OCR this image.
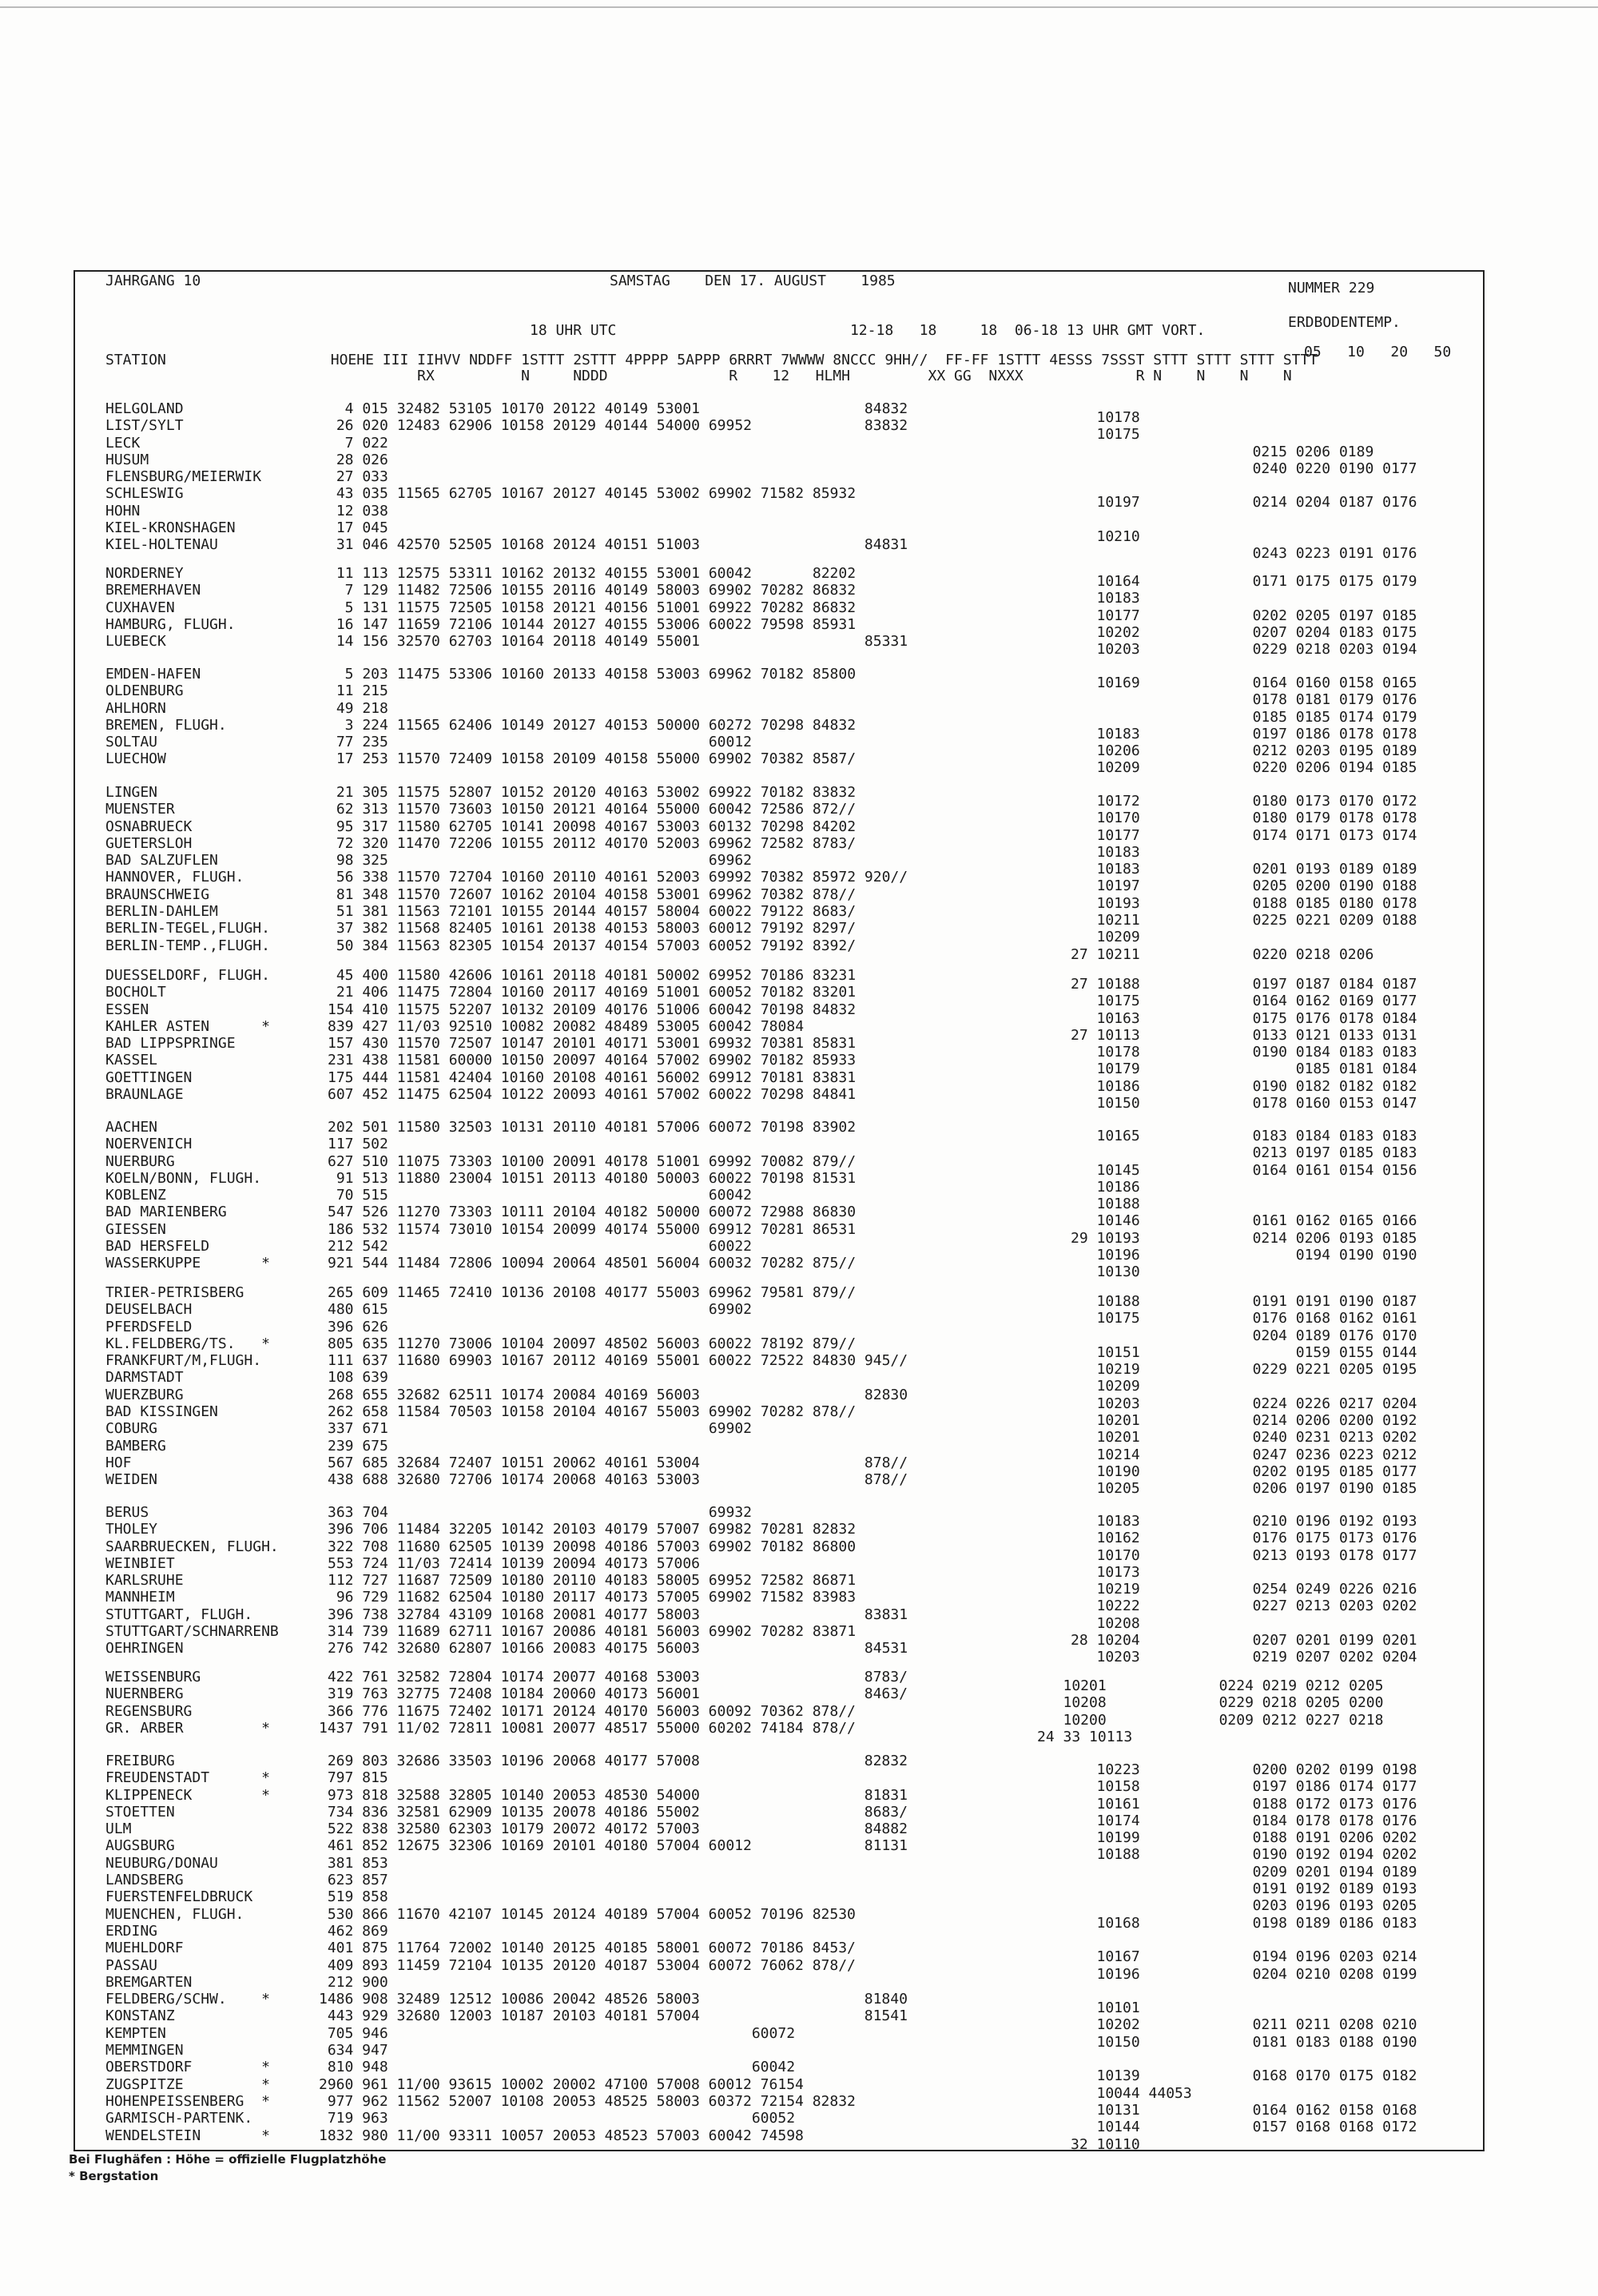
JAHRGANG 10	SAMSTAG    DEN 17. AUGUST    1985	NUMMER 229
ERDBODENTEMP.
18 UHR UTC                           12-18   18     18  06-18 13 UHR GMT VORT.
05   10   20   50
STATION                   HOEHE III IIHVV NDDFF 1STTT 2STTT 4PPPP 5APPP 6RRRT 7WWWW 8NCCC 9HH//  FF-FF 1STTT 4ESSS 7SSST STTT STTT STTT STTT
RX          N     NDDD              R    12   HLMH         XX GG  NXXX             R N    N    N    N
HELGOLAND
LIST/SYLT
LECK
HUSUM
FLENSBURG/MEIERWIK
SCHLESWIG
HOHN
KIEL-KRONSHAGEN
KIEL-HOLTENAU
4 015 32482 53105 10170 20122 40149 53001                   84832
26 020 12483 62906 10158 20129 40144 54000 69952             83832
7 022
28 026
27 033
43 035 11565 62705 10167 20127 40145 53002 69902 71582 85932
12 038
17 045
31 046 42570 52505 10168 20124 40151 51003                   84831
10178
10175
0215 0206 0189
0240 0220 0190 0177

10197             0214 0204 0187 0176

10210
0243 0223 0191 0176
NORDERNEY
BREMERHAVEN
CUXHAVEN
HAMBURG, FLUGH.
LUEBECK
11 113 12575 53311 10162 20132 40155 53001 60042       82202
7 129 11482 72506 10155 20116 40149 58003 69902 70282 86832
5 131 11575 72505 10158 20121 40156 51001 69922 70282 86832
16 147 11659 72106 10144 20127 40155 53006 60022 79598 85931
14 156 32570 62703 10164 20118 40149 55001                   85331
10164             0171 0175 0175 0179
10183
10177             0202 0205 0197 0185
10202             0207 0204 0183 0175
10203             0229 0218 0203 0194
EMDEN-HAFEN
OLDENBURG
AHLHORN
BREMEN, FLUGH.
SOLTAU
LUECHOW
5 203 11475 53306 10160 20133 40158 53003 69962 70182 85800
11 215
49 218
3 224 11565 62406 10149 20127 40153 50000 60272 70298 84832
77 235                                     60012
17 253 11570 72409 10158 20109 40158 55000 69902 70382 8587/
10169             0164 0160 0158 0165
0178 0181 0179 0176
0185 0185 0174 0179
10183             0197 0186 0178 0178
10206             0212 0203 0195 0189
10209             0220 0206 0194 0185
LINGEN
MUENSTER
OSNABRUECK
GUETERSLOH
BAD SALZUFLEN
HANNOVER, FLUGH.
BRAUNSCHWEIG
BERLIN-DAHLEM
BERLIN-TEGEL,FLUGH.
BERLIN-TEMP.,FLUGH.
21 305 11575 52807 10152 20120 40163 53002 69922 70182 83832
62 313 11570 73603 10150 20121 40164 55000 60042 72586 872//
95 317 11580 62705 10141 20098 40167 53003 60132 70298 84202
72 320 11470 72206 10155 20112 40170 52003 69962 72582 8783/
98 325                                     69962
56 338 11570 72704 10160 20110 40161 52003 69992 70382 85972 920//
81 348 11570 72607 10162 20104 40158 53001 69962 70382 878//
51 381 11563 72101 10155 20144 40157 58004 60022 79122 8683/
37 382 11568 82405 10161 20138 40153 58003 60012 79192 8297/
50 384 11563 82305 10154 20137 40154 57003 60052 79192 8392/
10172             0180 0173 0170 0172
10170             0180 0179 0178 0178
10177             0174 0171 0173 0174
10183
10183             0201 0193 0189 0189
10197             0205 0200 0190 0188
10193             0188 0185 0180 0178
10211             0225 0221 0209 0188
10209
27 10211             0220 0218 0206
DUESSELDORF, FLUGH.
BOCHOLT
ESSEN
KAHLER ASTEN      *
BAD LIPPSPRINGE
KASSEL
GOETTINGEN
BRAUNLAGE
45 400 11580 42606 10161 20118 40181 50002 69952 70186 83231
21 406 11475 72804 10160 20117 40169 51001 60052 70182 83201
154 410 11575 52207 10132 20109 40176 51006 60042 70198 84832
839 427 11/03 92510 10082 20082 48489 53005 60042 78084
157 430 11570 72507 10147 20101 40171 53001 69932 70381 85831
231 438 11581 60000 10150 20097 40164 57002 69902 70182 85933
175 444 11581 42404 10160 20108 40161 56002 69912 70181 83831
607 452 11475 62504 10122 20093 40161 57002 60022 70298 84841
27 10188             0197 0187 0184 0187
10175             0164 0162 0169 0177
10163             0175 0176 0178 0184
27 10113             0133 0121 0133 0131
10178             0190 0184 0183 0183
10179                  0185 0181 0184
10186             0190 0182 0182 0182
10150             0178 0160 0153 0147
AACHEN
NOERVENICH
NUERBURG
KOELN/BONN, FLUGH.
KOBLENZ
BAD MARIENBERG
GIESSEN
BAD HERSFELD
WASSERKUPPE       *
202 501 11580 32503 10131 20110 40181 57006 60072 70198 83902
117 502
627 510 11075 73303 10100 20091 40178 51001 69992 70082 879//
91 513 11880 23004 10151 20113 40180 50003 60022 70198 81531
70 515                                     60042
547 526 11270 73303 10111 20104 40182 50000 60072 72988 86830
186 532 11574 73010 10154 20099 40174 55000 69912 70281 86531
212 542                                     60022
921 544 11484 72806 10094 20064 48501 56004 60032 70282 875//
10165             0183 0184 0183 0183
0213 0197 0185 0183
10145             0164 0161 0154 0156
10186
10188
10146             0161 0162 0165 0166
29 10193             0214 0206 0193 0185
10196                  0194 0190 0190
10130
TRIER-PETRISBERG
DEUSELBACH
PFERDSFELD
KL.FELDBERG/TS.   *
FRANKFURT/M,FLUGH.
DARMSTADT
WUERZBURG
BAD KISSINGEN
COBURG
BAMBERG
HOF
WEIDEN
265 609 11465 72410 10136 20108 40177 55003 69962 79581 879//
480 615                                     69902
396 626
805 635 11270 73006 10104 20097 48502 56003 60022 78192 879//
111 637 11680 69903 10167 20112 40169 55001 60022 72522 84830 945//
108 639
268 655 32682 62511 10174 20084 40169 56003                   82830
262 658 11584 70503 10158 20104 40167 55003 69902 70282 878//
337 671                                     69902
239 675
567 685 32684 72407 10151 20062 40161 53004                   878//
438 688 32680 72706 10174 20068 40163 53003                   878//
10188             0191 0191 0190 0187
10175             0176 0168 0162 0161
0204 0189 0176 0170
10151                  0159 0155 0144
10219             0229 0221 0205 0195
10209
10203             0224 0226 0217 0204
10201             0214 0206 0200 0192
10201             0240 0231 0213 0202
10214             0247 0236 0223 0212
10190             0202 0195 0185 0177
10205             0206 0197 0190 0185
BERUS
THOLEY
SAARBRUECKEN, FLUGH.
WEINBIET
KARLSRUHE
MANNHEIM
STUTTGART, FLUGH.
STUTTGART/SCHNARRENB
OEHRINGEN
363 704                                     69932
396 706 11484 32205 10142 20103 40179 57007 69982 70281 82832
322 708 11680 62505 10139 20098 40186 57003 69902 70182 86800
553 724 11/03 72414 10139 20094 40173 57006
112 727 11687 72509 10180 20110 40183 58005 69952 72582 86871
96 729 11682 62504 10180 20117 40173 57005 69902 71582 83983
396 738 32784 43109 10168 20081 40177 58003                   83831
314 739 11689 62711 10167 20086 40181 56003 69902 70282 83871
276 742 32680 62807 10166 20083 40175 56003                   84531
10183             0210 0196 0192 0193
10162             0176 0175 0173 0176
10170             0213 0193 0178 0177
10173
10219             0254 0249 0226 0216
10222             0227 0213 0203 0202
10208
28 10204             0207 0201 0199 0201
10203             0219 0207 0202 0204
WEISSENBURG
NUERNBERG
REGENSBURG
GR. ARBER         *
422 761 32582 72804 10174 20077 40168 53003                   8783/
319 763 32775 72408 10184 20060 40173 56001                   8463/
366 776 11675 72402 10171 20124 40170 56003 60092 70362 878//
1437 791 11/02 72811 10081 20077 48517 55000 60202 74184 878//
10201             0224 0219 0212 0205
10208             0229 0218 0205 0200
10200             0209 0212 0227 0218
24 33 10113
FREIBURG
FREUDENSTADT      *
KLIPPENECK        *
STOETTEN
ULM
AUGSBURG
NEUBURG/DONAU
LANDSBERG
FUERSTENFELDBRUCK
MUENCHEN, FLUGH.
ERDING
MUEHLDORF
PASSAU
BREMGARTEN
FELDBERG/SCHW.    *
KONSTANZ
KEMPTEN
MEMMINGEN
OBERSTDORF        *
ZUGSPITZE         *
HOHENPEISSENBERG  *
GARMISCH-PARTENK.
WENDELSTEIN       *
269 803 32686 33503 10196 20068 40177 57008                   82832
797 815
973 818 32588 32805 10140 20053 48530 54000                   81831
734 836 32581 62909 10135 20078 40186 55002                   8683/
522 838 32580 62303 10179 20072 40172 57003                   84882
461 852 12675 32306 10169 20101 40180 57004 60012             81131
381 853
623 857
519 858
530 866 11670 42107 10145 20124 40189 57004 60052 70196 82530
462 869
401 875 11764 72002 10140 20125 40185 58001 60072 70186 8453/
409 893 11459 72104 10135 20120 40187 53004 60072 76062 878//
212 900
1486 908 32489 12512 10086 20042 48526 58003                   81840
443 929 32680 12003 10187 20103 40181 57004                   81541
705 946                                          60072
634 947
810 948                                          60042
2960 961 11/00 93615 10002 20002 47100 57008 60012 76154
977 962 11562 52007 10108 20053 48525 58003 60372 72154 82832
719 963                                          60052
1832 980 11/00 93311 10057 20053 48523 57003 60042 74598
10223             0200 0202 0199 0198
10158             0197 0186 0174 0177
10161             0188 0172 0173 0176
10174             0184 0178 0178 0176
10199             0188 0191 0206 0202
10188             0190 0192 0194 0202
0209 0201 0194 0189
0191 0192 0189 0193
0203 0196 0193 0205
10168             0198 0189 0186 0183

10167             0194 0196 0203 0214
10196             0204 0210 0208 0199

10101
10202             0211 0211 0208 0210
10150             0181 0183 0188 0190

10139             0168 0170 0175 0182
10044 44053
10131             0164 0162 0158 0168
10144             0157 0168 0168 0172
32 10110
Bei Flughäfen : Höhe = offizielle Flugplatzhöhe
* Bergstation
